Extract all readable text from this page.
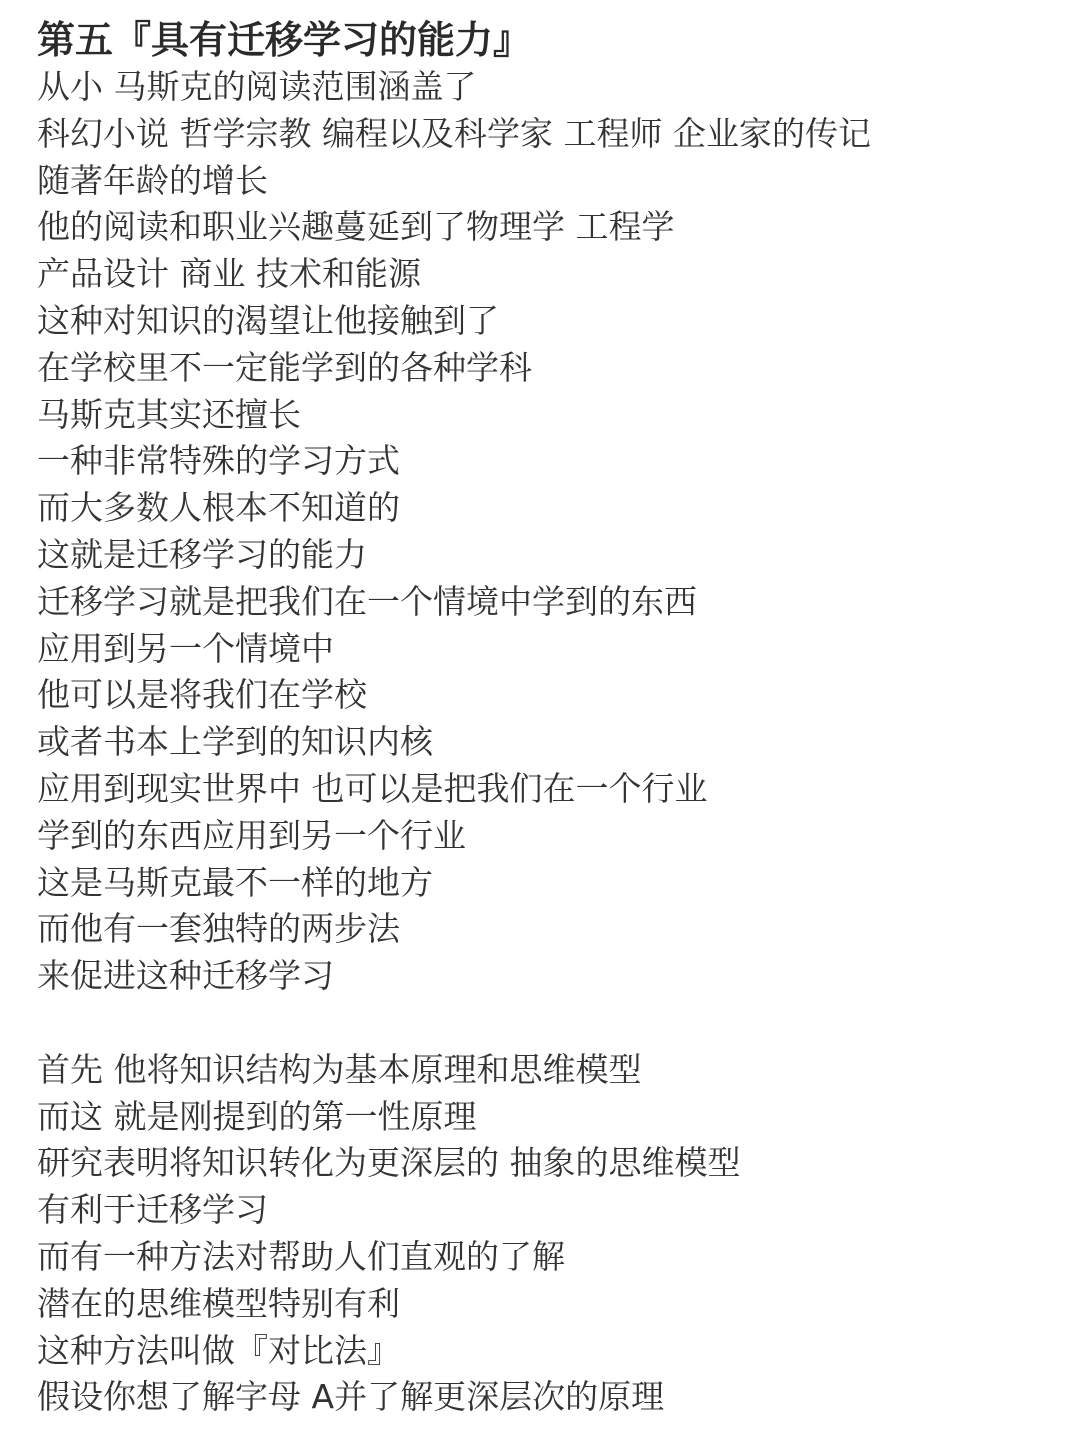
第五『具有迁移学习的能力』
从小 马斯克的阅读范围涵盖了
科幻小说 哲学宗教 编程以及科学家 工程师 企业家的传记
随著年龄的增长
他的阅读和职业兴趣蔓延到了物理学 工程学
产品设计 商业 技术和能源
这种对知识的渴望让他接触到了
在学校里不一定能学到的各种学科
马斯克其实还擅长
一种非常特殊的学习方式
而大多数人根本不知道的
这就是迁移学习的能力
迁移学习就是把我们在一个情境中学到的东西
应用到另一个情境中
他可以是将我们在学校
或者书本上学到的知识内核
应用到现实世界中 也可以是把我们在一个行业
学到的东西应用到另一个行业
这是马斯克最不一样的地方
而他有一套独特的两步法
来促进这种迁移学习
首先 他将知识结构为基本原理和思维模型
而这 就是刚提到的第一性原理
研究表明将知识转化为更深层的 抽象的思维模型
有利于迁移学习
而有一种方法对帮助人们直观的了解
潜在的思维模型特别有利
这种方法叫做『对比法』
假设你想了解字母 A并了解更深层次的原理
